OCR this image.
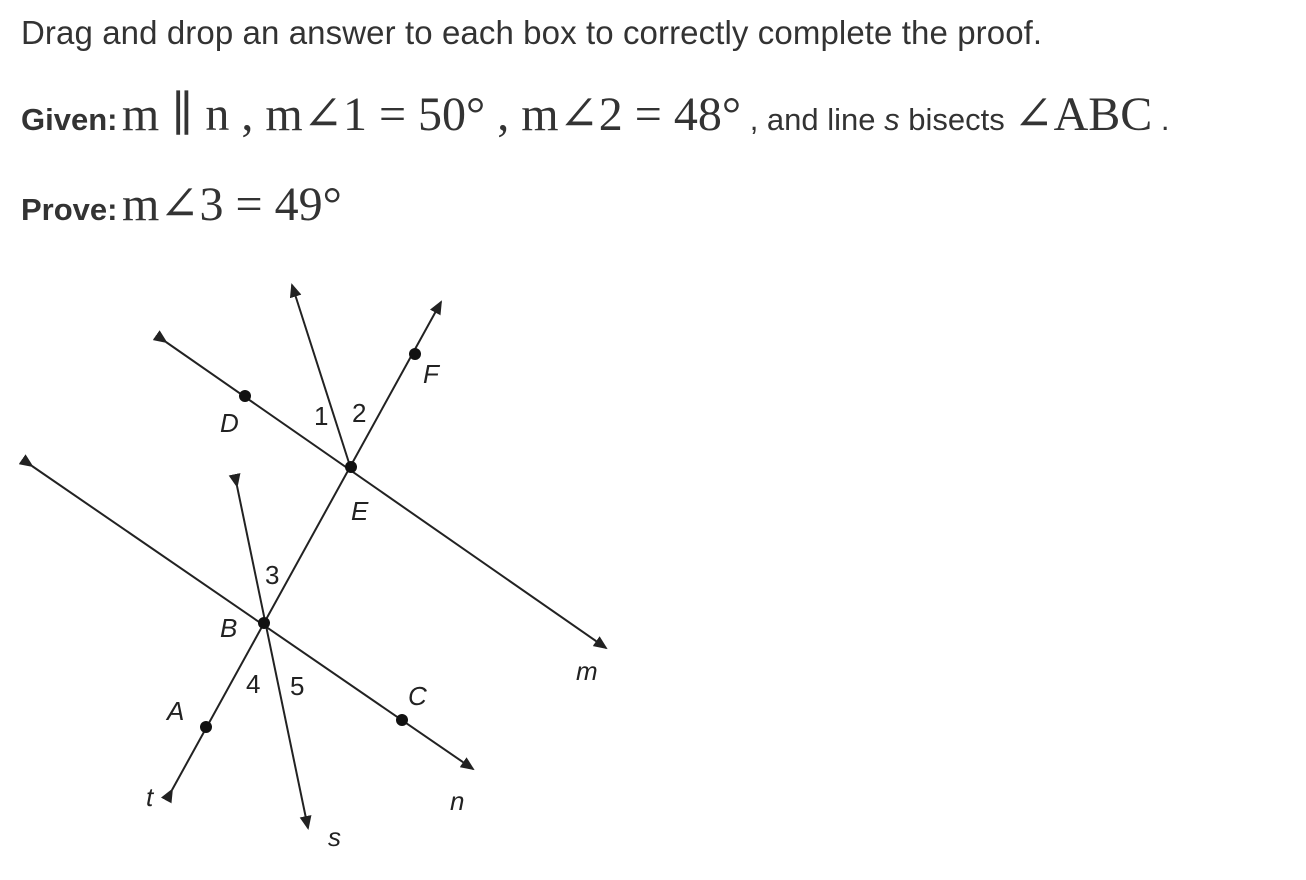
Drag and drop an answer to each box to correctly complete the proof.
Given: m ∥ n , m∠1 = 50° , m∠2 = 48° , and line s bisects ∠ABC .
Prove: m∠3 = 49°
D
F
E
B
A	C
m
n
s
t
1 2
3
4 5
